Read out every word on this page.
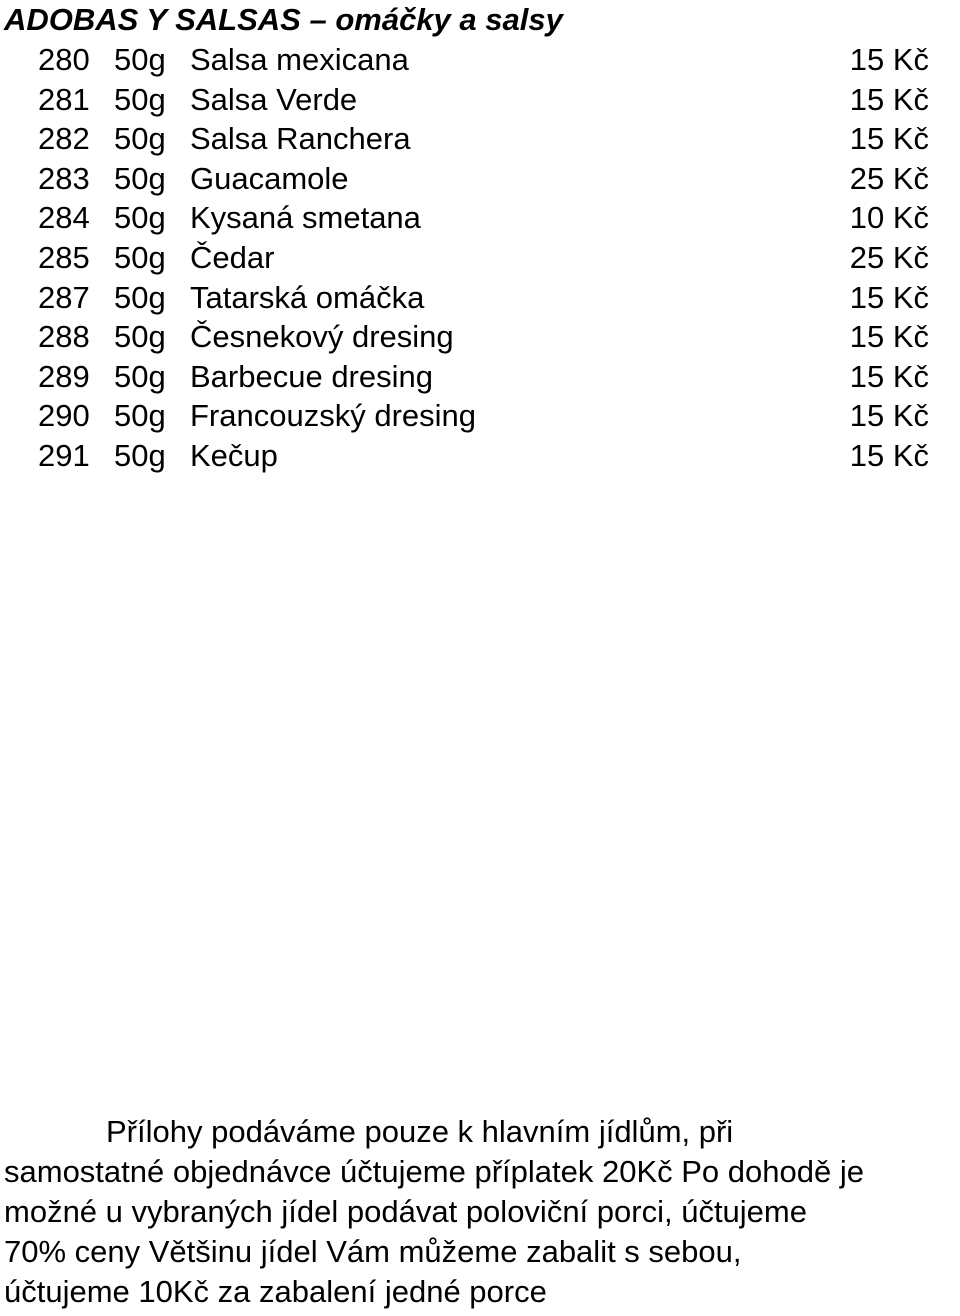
ADOBAS Y SALSAS – omáčky a salsy
280 50g Salsa mexicana	15 Kč
281 50g Salsa Verde	15 Kč
282 50g Salsa Ranchera	15 Kč
283 50g Guacamole	25 Kč
284 50g Kysaná smetana	10 Kč
285 50g Čedar	25 Kč
287 50g Tatarská omáčka	15 Kč
288 50g Česnekový dresing	15 Kč
289 50g Barbecue dresing	15 Kč
290 50g Francouzský dresing	15 Kč
291 50g Kečup	15 Kč
Přílohy podáváme pouze k hlavním jídlům, při
samostatné objednávce účtujeme příplatek 20Kč Po dohodě je
možné u vybraných jídel podávat poloviční porci, účtujeme
70% ceny Většinu jídel Vám můžeme zabalit s sebou,
účtujeme 10Kč za zabalení jedné porce
